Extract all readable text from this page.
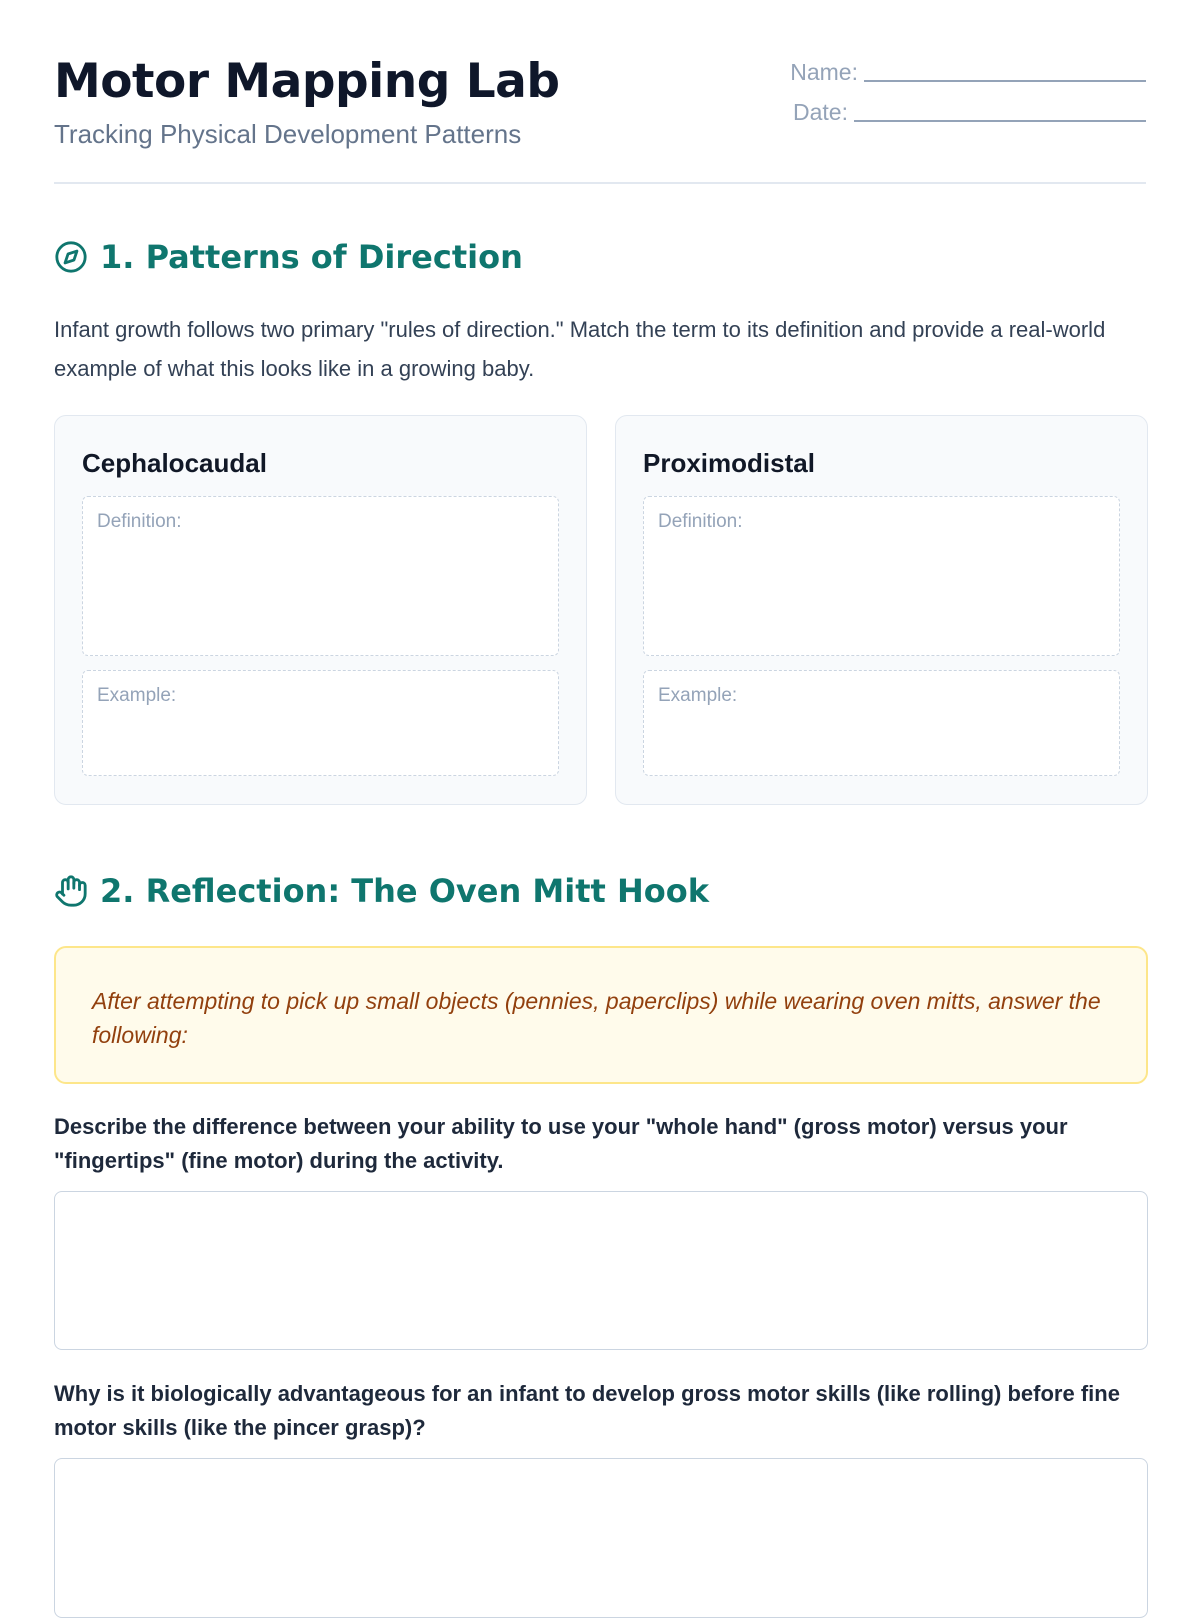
Motor Mapping Lab

Tracking Physical Development Patterns

Name:
Date:
1. Patterns of Direction

Infant growth follows two primary "rules of direction." Match the term to its definition and provide a real-world example of what this looks like in a growing baby.

Cephalocaudal
Definition:
Example:
Proximodistal
Definition:
Example:
2. Reflection: The Oven Mitt Hook
After attempting to pick up small objects (pennies, paperclips) while wearing oven mitts, answer the following:

Describe the difference between your ability to use your "whole hand" (gross motor) versus your "fingertips" (fine motor) during the activity.

Why is it biologically advantageous for an infant to develop gross motor skills (like rolling) before fine motor skills (like the pincer grasp)?
